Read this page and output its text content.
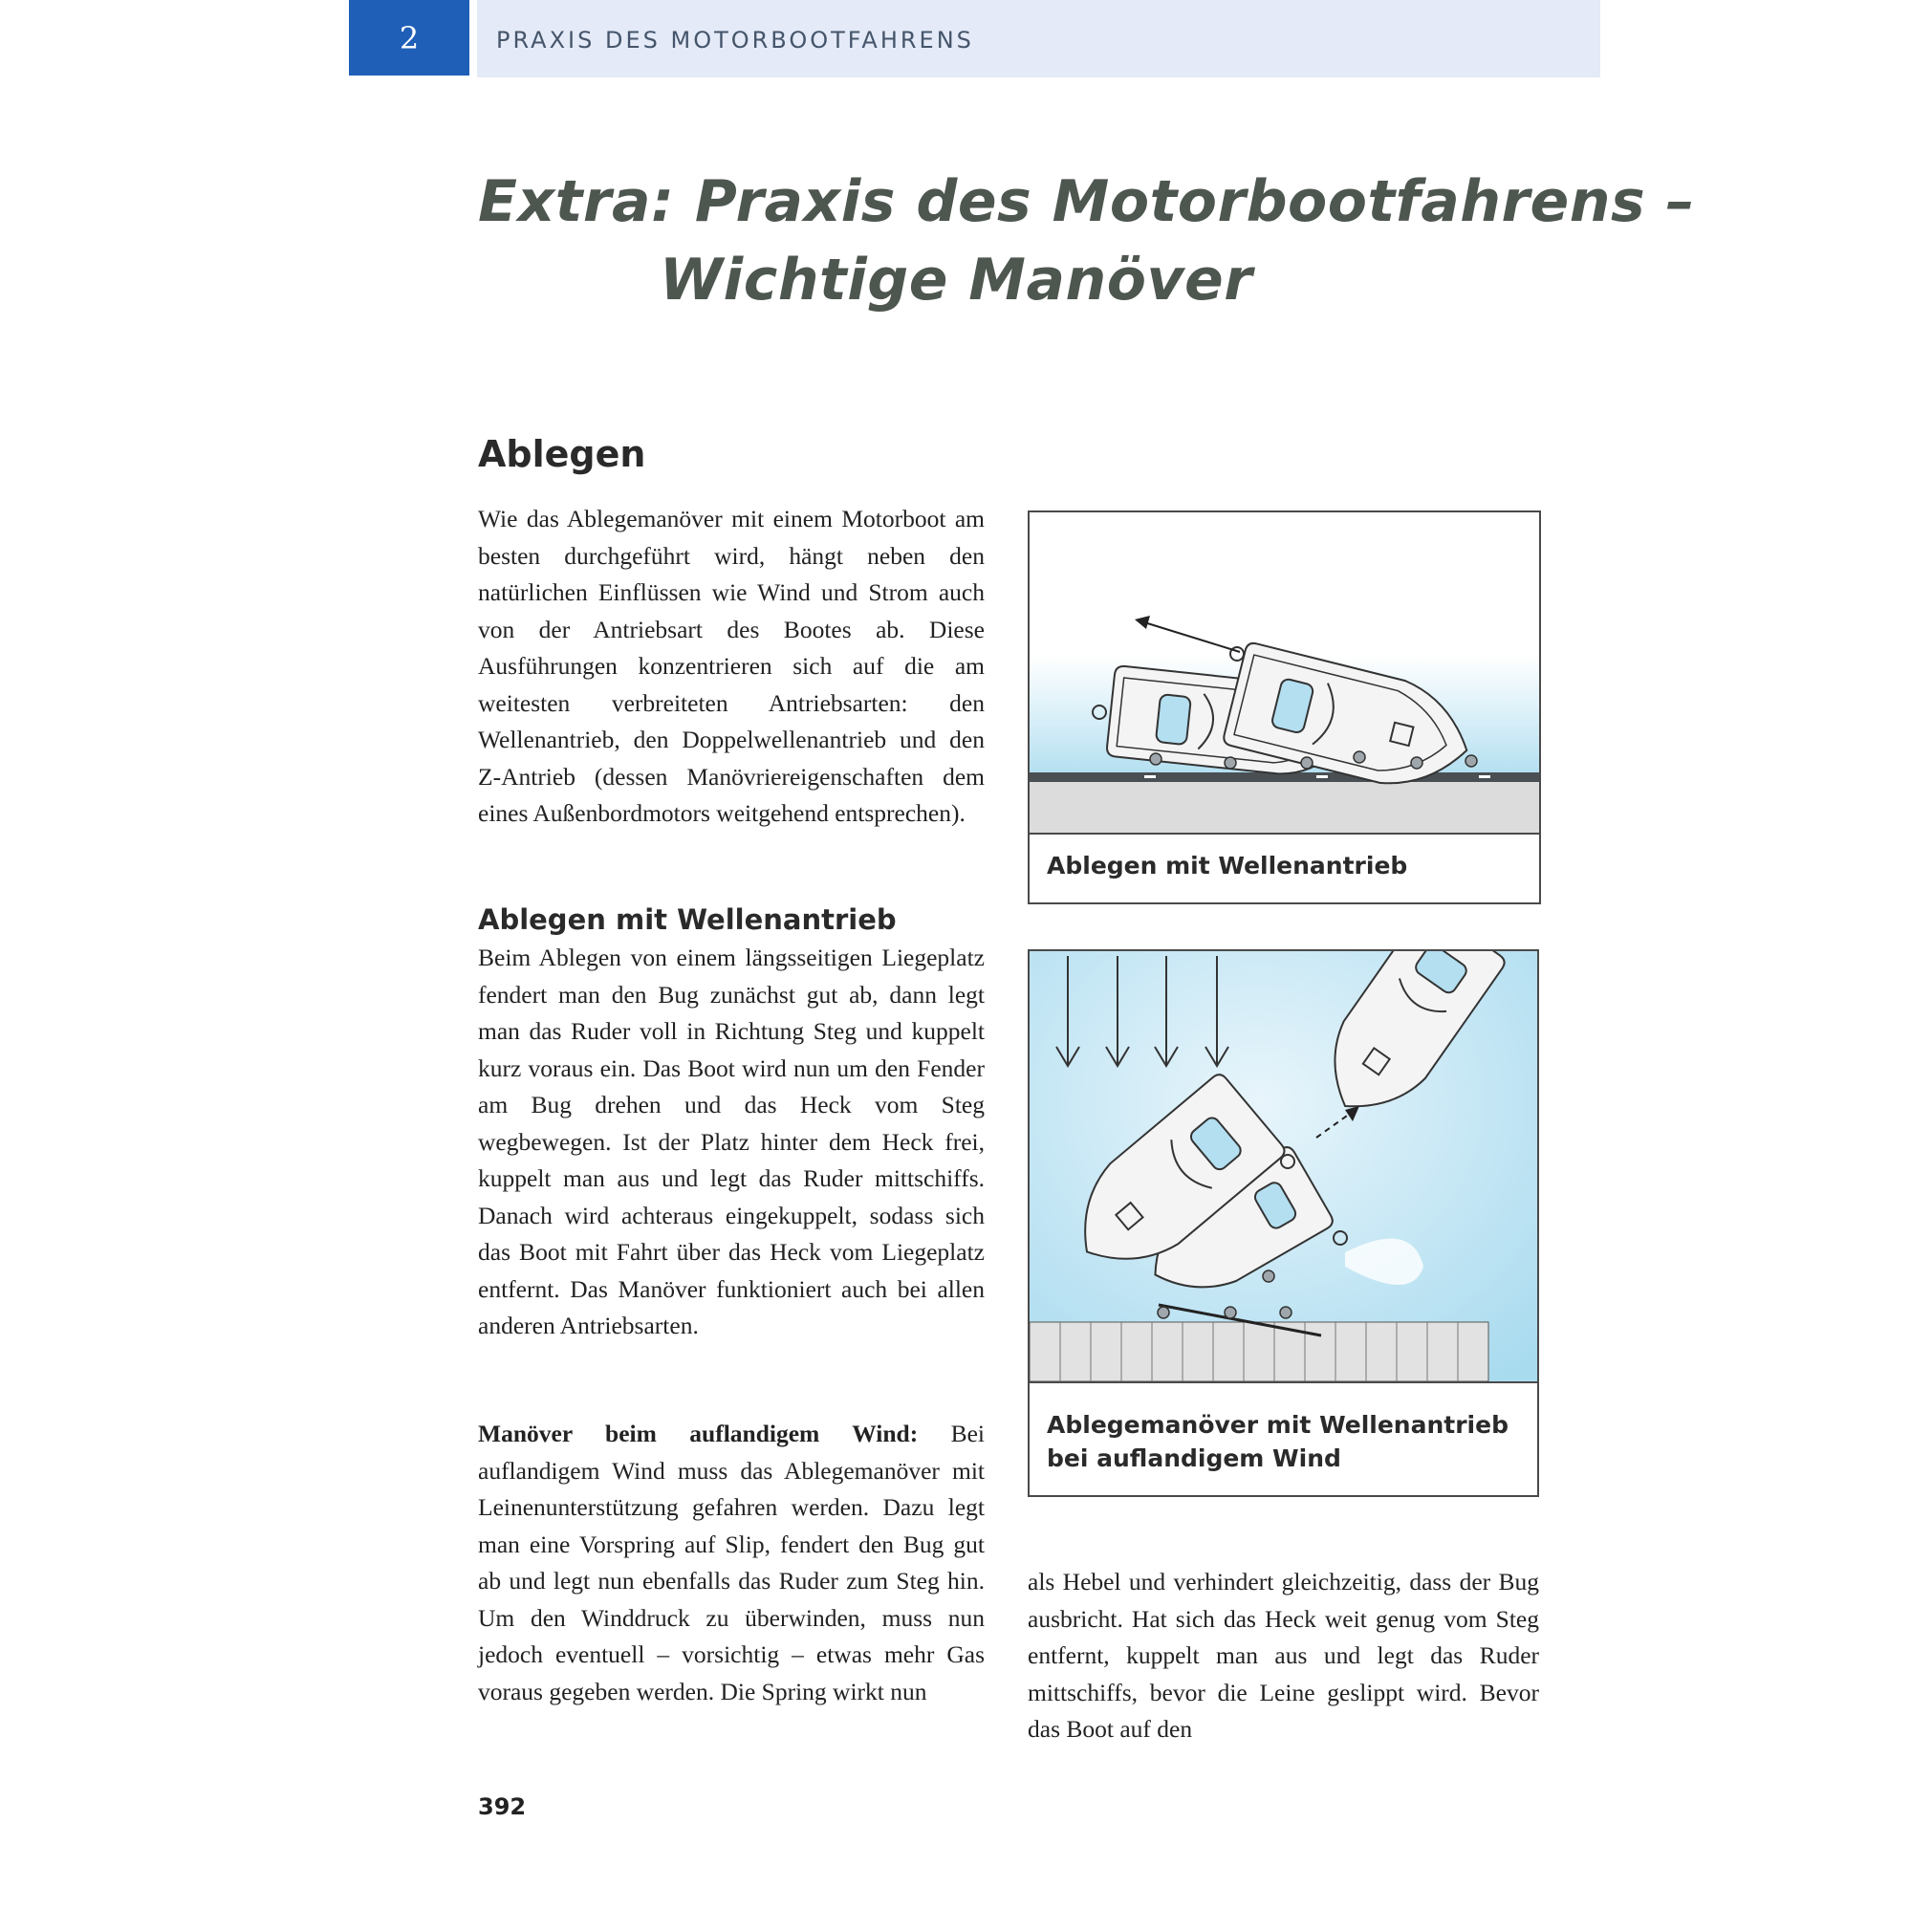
2	PRAXIS DES MOTORBOOTFAHRENS
Extra: Praxis des Motorbootfahrens –
Wichtige Manöver
Ablegen
Wie das Ablegemanöver mit einem Motorboot am besten durchgeführt wird, hängt neben den natürlichen Einflüssen wie Wind und Strom auch von der Antriebsart des Bootes ab. Diese Ausführungen konzentrieren sich auf die am weitesten verbreiteten Antriebsarten: den Wellenantrieb, den Doppelwellenantrieb und den Z-Antrieb (dessen Manövriereigenschaften dem eines Außenbordmotors weitgehend entsprechen).
Ablegen mit Wellenantrieb
Beim Ablegen von einem längsseitigen Liegeplatz fendert man den Bug zunächst gut ab, dann legt man das Ruder voll in Richtung Steg und kuppelt kurz voraus ein. Das Boot wird nun um den Fender am Bug drehen und das Heck vom Steg wegbewegen. Ist der Platz hinter dem Heck frei, kuppelt man aus und legt das Ruder mittschiffs. Danach wird achteraus eingekuppelt, sodass sich das Boot mit Fahrt über das Heck vom Liegeplatz entfernt. Das Manöver funktioniert auch bei allen anderen Antriebsarten.
Manöver beim auflandigem Wind: Bei auflandigem Wind muss das Ablegemanöver mit Leinenunterstützung gefahren werden. Dazu legt man eine Vorspring auf Slip, fendert den Bug gut ab und legt nun ebenfalls das Ruder zum Steg hin. Um den Winddruck zu überwinden, muss nun jedoch eventuell – vorsichtig – etwas mehr Gas voraus gegeben werden. Die Spring wirkt nun
als Hebel und verhindert gleichzeitig, dass der Bug ausbricht. Hat sich das Heck weit genug vom Steg entfernt, kuppelt man aus und legt das Ruder mittschiffs, bevor die Leine geslippt wird. Bevor das Boot auf den
Ablegen mit Wellenantrieb
Ablegemanöver mit Wellenantrieb bei auflandigem Wind
392
